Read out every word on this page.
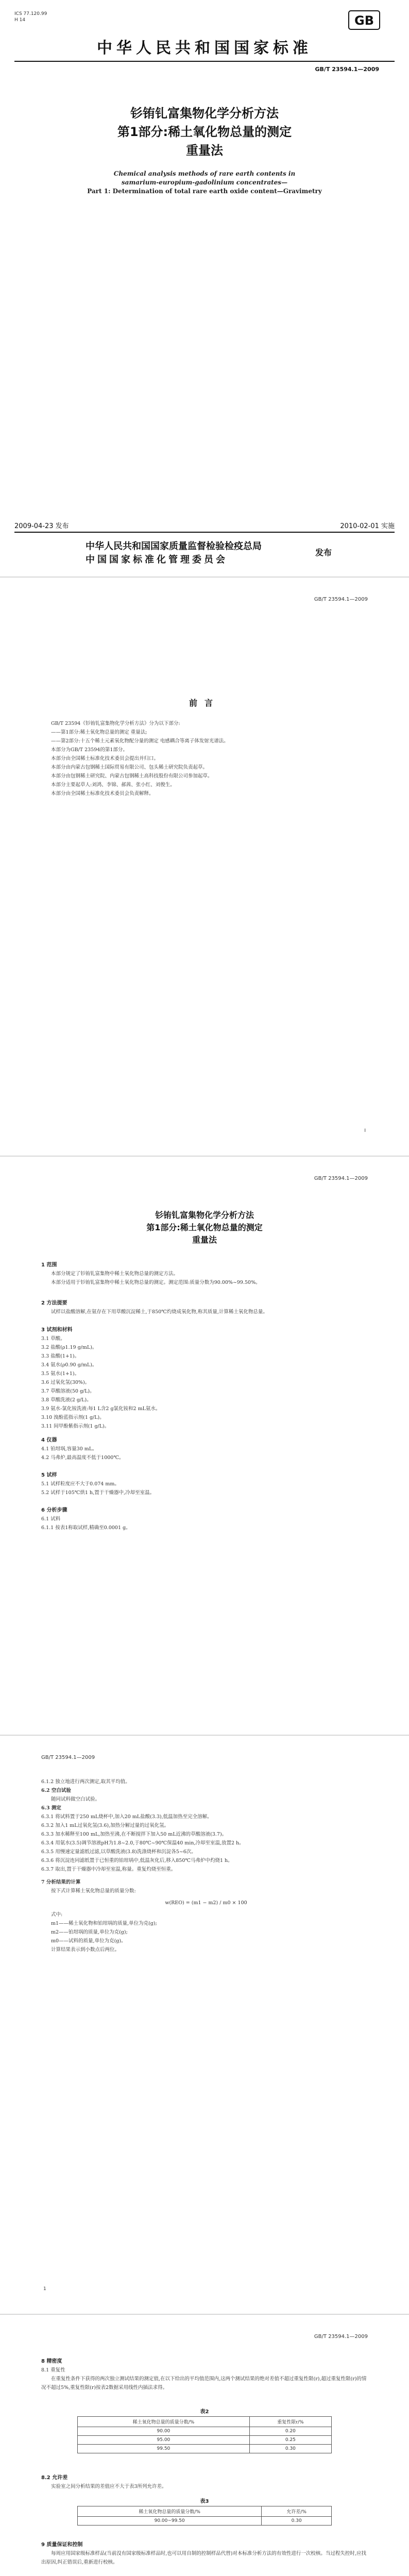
ICS 77.120.99
H 14	GB
中华人民共和国国家标准
GB/T 23594.1—2009
钐铕钆富集物化学分析方法
第1部分:稀土氧化物总量的测定
重量法
Chemical analysis methods of rare earth contents in
samarium-europium-gadolinium concentrates—
Part 1: Determination of total rare earth oxide content—Gravimetry
2009-04-23 发布	2010-02-01 实施
中华人民共和国国家质量监督检验检疫总局
中国国家标准化管理委员会
发布
GB/T 23594.1—2009
前言
GB/T 23594《钐铕钆富集物化学分析方法》分为以下部分:
——第1部分:稀土氧化物总量的测定 重量法;
——第2部分:十五个稀土元素氧化物配分量的测定 电感耦合等离子体发射光谱法。
本部分为GB/T 23594的第1部分。
本部分由全国稀土标准化技术委员会提出并归口。
本部分由内蒙古包钢稀土国际贸易有限公司、包头稀土研究院负责起草。
本部分由包钢稀土研究院、内蒙古包钢稀土高科技股份有限公司参加起草。
本部分主要起草人:刘鸿、李锦、郝茜、张小红、刘俊生。
本部分由全国稀土标准化技术委员会负责解释。
I
GB/T 23594.1—2009
钐铕钆富集物化学分析方法
第1部分:稀土氧化物总量的测定
重量法
1 范围
本部分规定了钐铕钆富集物中稀土氧化物总量的测定方法。
本部分适用于钐铕钆富集物中稀土氧化物总量的测定。测定范围:质量分数为90.00%~99.50%。
2 方法提要
试样以盐酸溶解,在氨存在下用草酸沉淀稀土,于850℃灼烧成氧化物,称其质量,计算稀土氧化物总量。
3 试剂和材料
3.1 草酸。
3.2 盐酸(ρ1.19 g/mL)。
3.3 盐酸(1+1)。
3.4 氨水(ρ0.90 g/mL)。
3.5 氨水(1+1)。
3.6 过氧化氢(30%)。
3.7 草酸溶液(50 g/L)。
3.8 草酸洗液(2 g/L)。
3.9 氨水-氯化铵洗液:每1 L含2 g氯化铵和2 mL氨水。
3.10 溴酚蓝指示剂(1 g/L)。
3.11 间甲酚紫指示剂(1 g/L)。
4 仪器
4.1 铂坩埚,容量30 mL。
4.2 马弗炉,最高温度不低于1000℃。
5 试样
5.1 试样粒度应不大于0.074 mm。
5.2 试样于105℃烘1 h,置于干燥器中,冷却至室温。
6 分析步骤
6.1 试料
6.1.1 按表1称取试样,精确至0.0001 g。
GB/T 23594.1—2009
6.1.2 独立地进行两次测定,取其平均值。
6.2 空白试验
随同试料做空白试验。
6.3 测定
6.3.1 将试料置于250 mL烧杯中,加入20 mL盐酸(3.3),低温加热至完全溶解。
6.3.2 加入1 mL过氧化氢(3.6),加热分解过量的过氧化氢。
6.3.3 加水稀释至100 mL,加热至沸,在不断搅拌下加入50 mL近沸的草酸溶液(3.7)。
6.3.4 用氨水(3.5)调节溶液pH为1.8~2.0,于80℃~90℃保温40 min,冷却至室温,放置2 h。
6.3.5 用慢速定量滤纸过滤,以草酸洗液(3.8)洗涤烧杯和沉淀各5~6次。
6.3.6 将沉淀连同滤纸置于已恒重的铂坩埚中,低温灰化后,移入850℃马弗炉中灼烧1 h。
6.3.7 取出,置于干燥器中冷却至室温,称量。重复灼烧至恒重。
7 分析结果的计算
按下式计算稀土氧化物总量的质量分数:
w(REO) = (m1 − m2) / m0 × 100
式中:
m1——稀土氧化物和铂坩埚的质量,单位为克(g);
m2——铂坩埚的质量,单位为克(g);
m0——试料的质量,单位为克(g)。
计算结果表示到小数点后两位。
1
GB/T 23594.1—2009
8 精密度
8.1 重复性
在重复性条件下获得的两次独立测试结果的测定值,在以下给出的平均值范围内,这两个测试结果的绝对差值不超过重复性限(r),超过重复性限(r)的情况不超过5%,重复性限(r)按表2数据采用线性内插法求得。
表2
稀土氧化物总量的质量分数/%	重复性限r/%
90.00	0.20
95.00	0.25
99.50	0.30
8.2 允许差
实验室之间分析结果的差值应不大于表3所列允许差。
表3
稀土氧化物总量的质量分数/%	允许差/%
90.00~99.50	0.30
9 质量保证和控制
每周应用国家级标准样品(当前没有国家级标准样品时,也可以用自制的控制样品代替)对本标准分析方法的有效性进行一次校核。当过程失控时,应找出原因,纠正错误后,重新进行校核。
